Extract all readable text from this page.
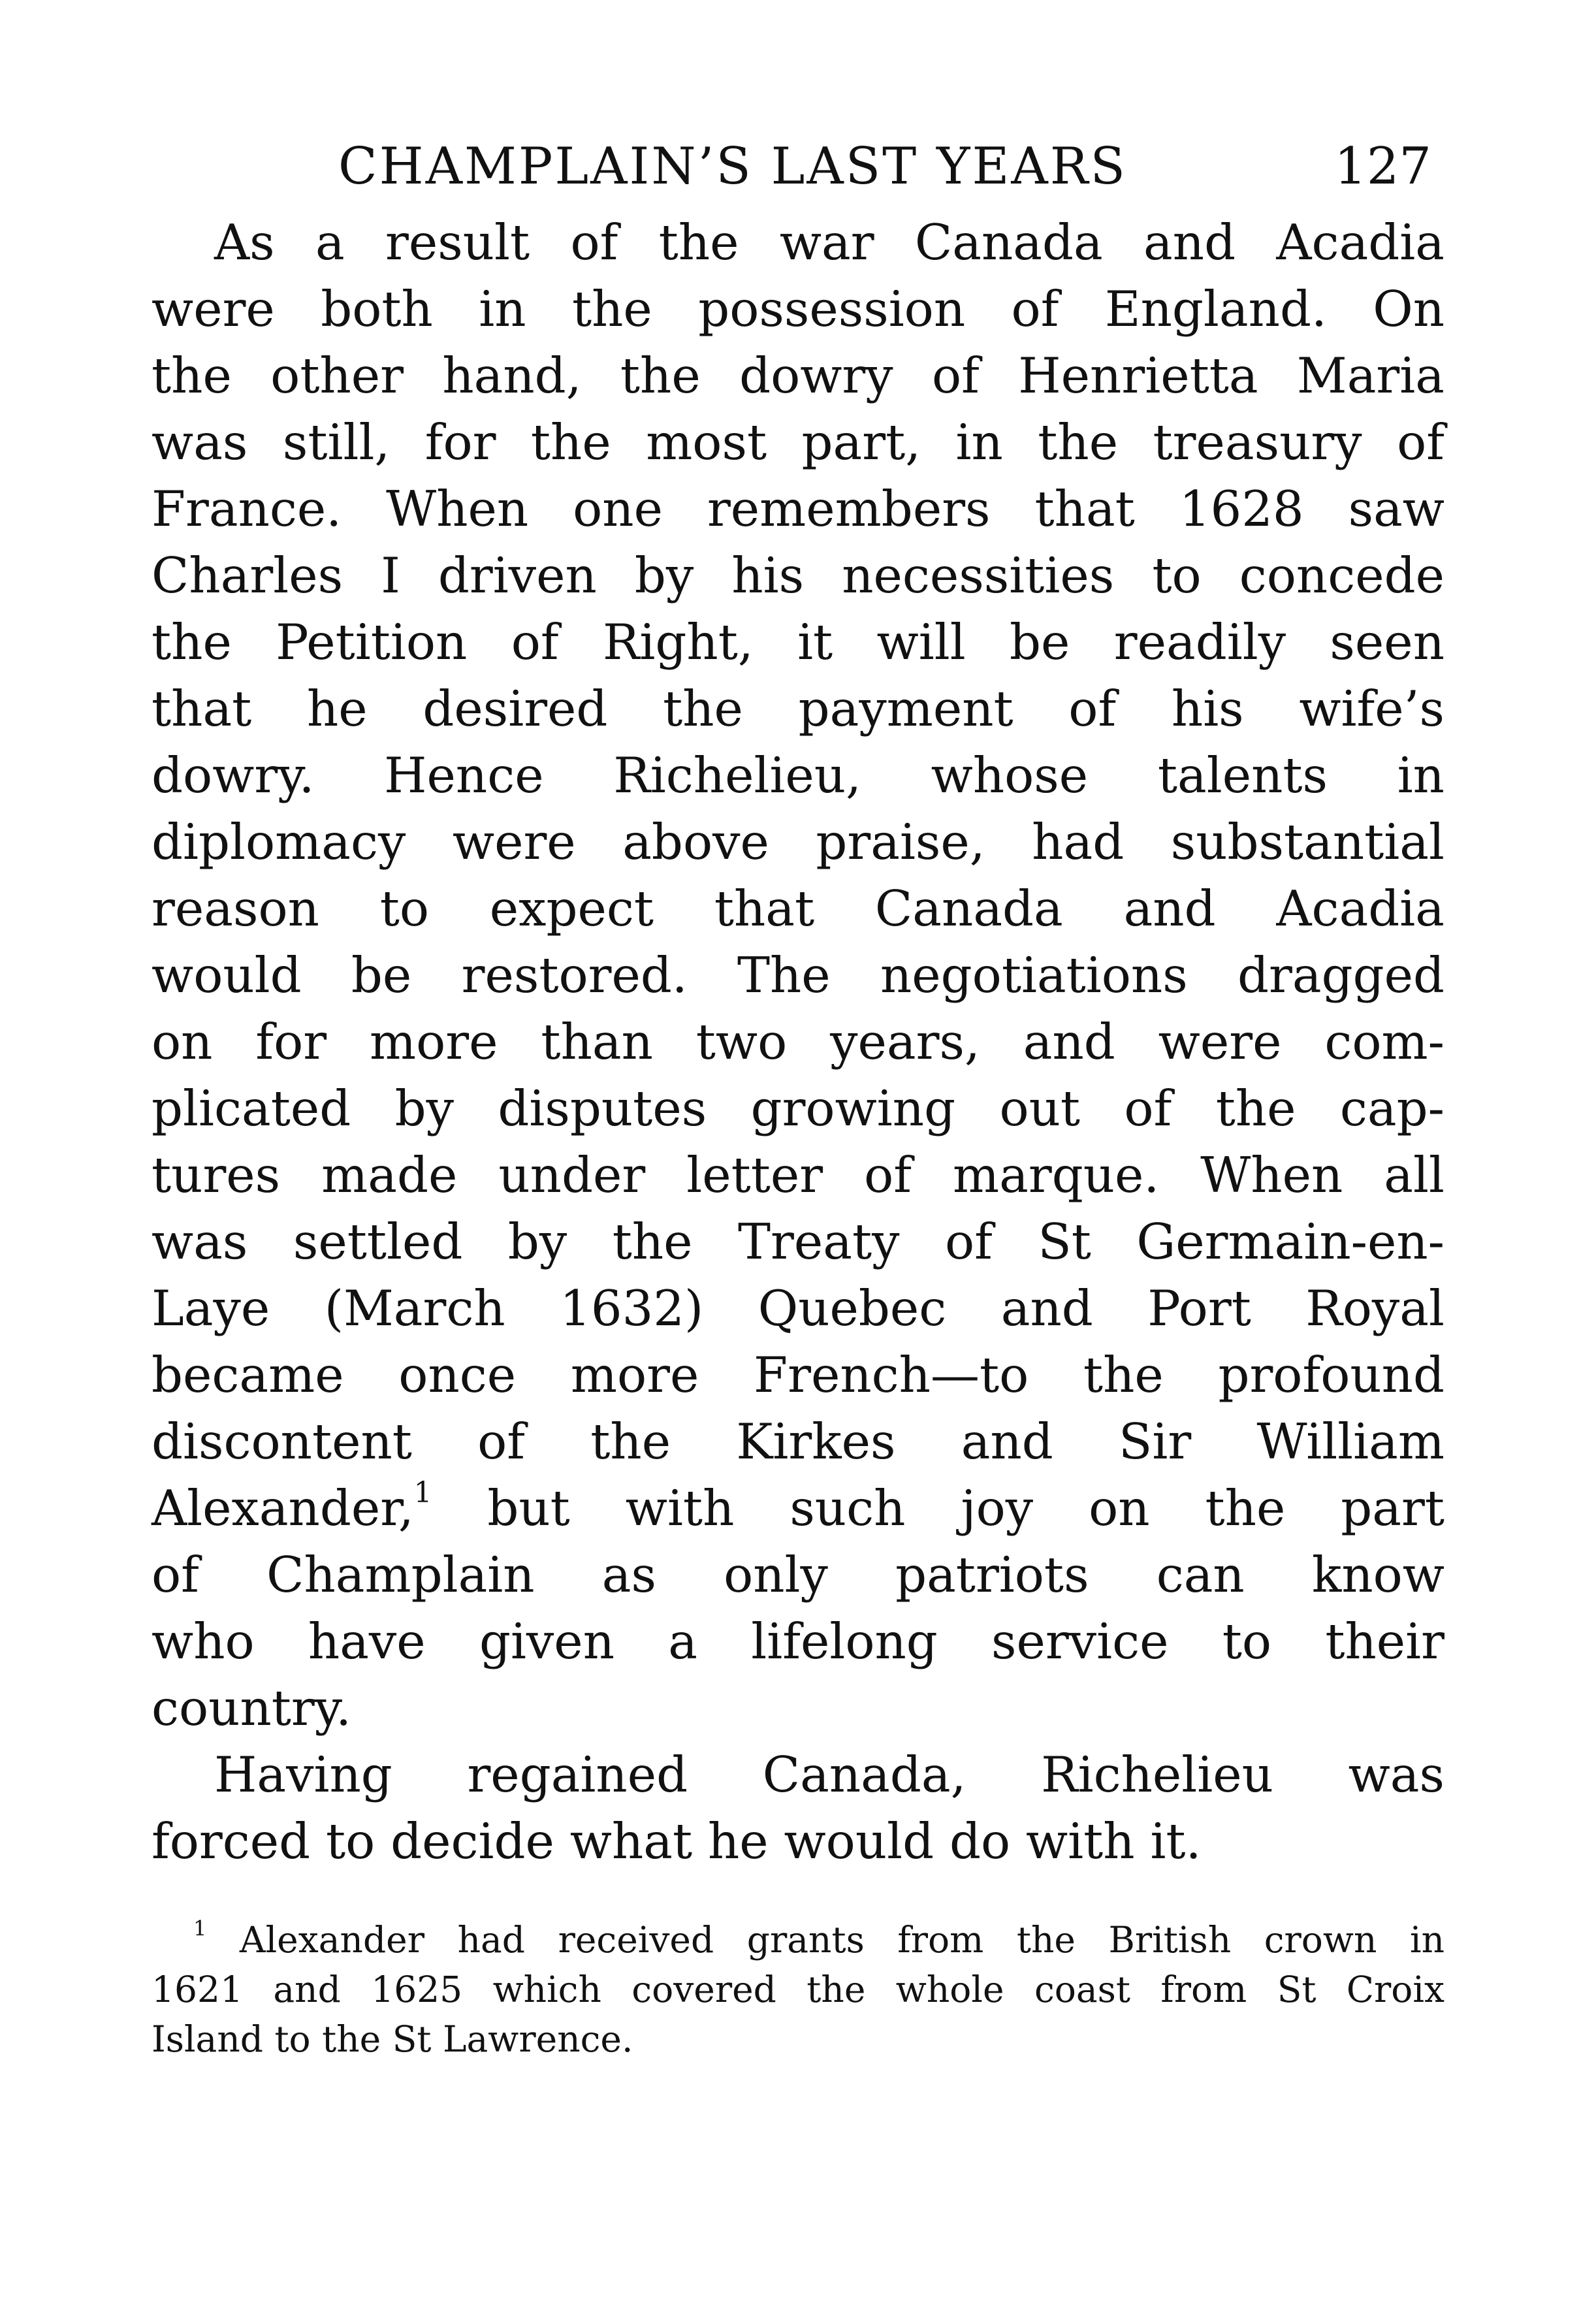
CHAMPLAIN’S LAST YEARS	127

As a result of the war Canada and Acadia
were both in the possession of England. On
the other hand, the dowry of Henrietta Maria
was still, for the most part, in the treasury of
France. When one remembers that 1628 saw
Charles I driven by his necessities to concede
the Petition of Right, it will be readily seen
that he desired the payment of his wife’s
dowry. Hence Richelieu, whose talents in
diplomacy were above praise, had substantial
reason to expect that Canada and Acadia
would be restored. The negotiations dragged
on for more than two years, and were com-
plicated by disputes growing out of the cap-
tures made under letter of marque. When all
was settled by the Treaty of St Germain-en-
Laye (March 1632) Quebec and Port Royal
became once more French—to the profound
discontent of the Kirkes and Sir William
Alexander,$^1$ but with such joy on the part
of Champlain as only patriots can know
who have given a lifelong service to their
country.

Having regained Canada, Richelieu was
forced to decide what he would do with it.

$^1$ Alexander had received grants from the British crown in
1621 and 1625 which covered the whole coast from St Croix
Island to the St Lawrence.
